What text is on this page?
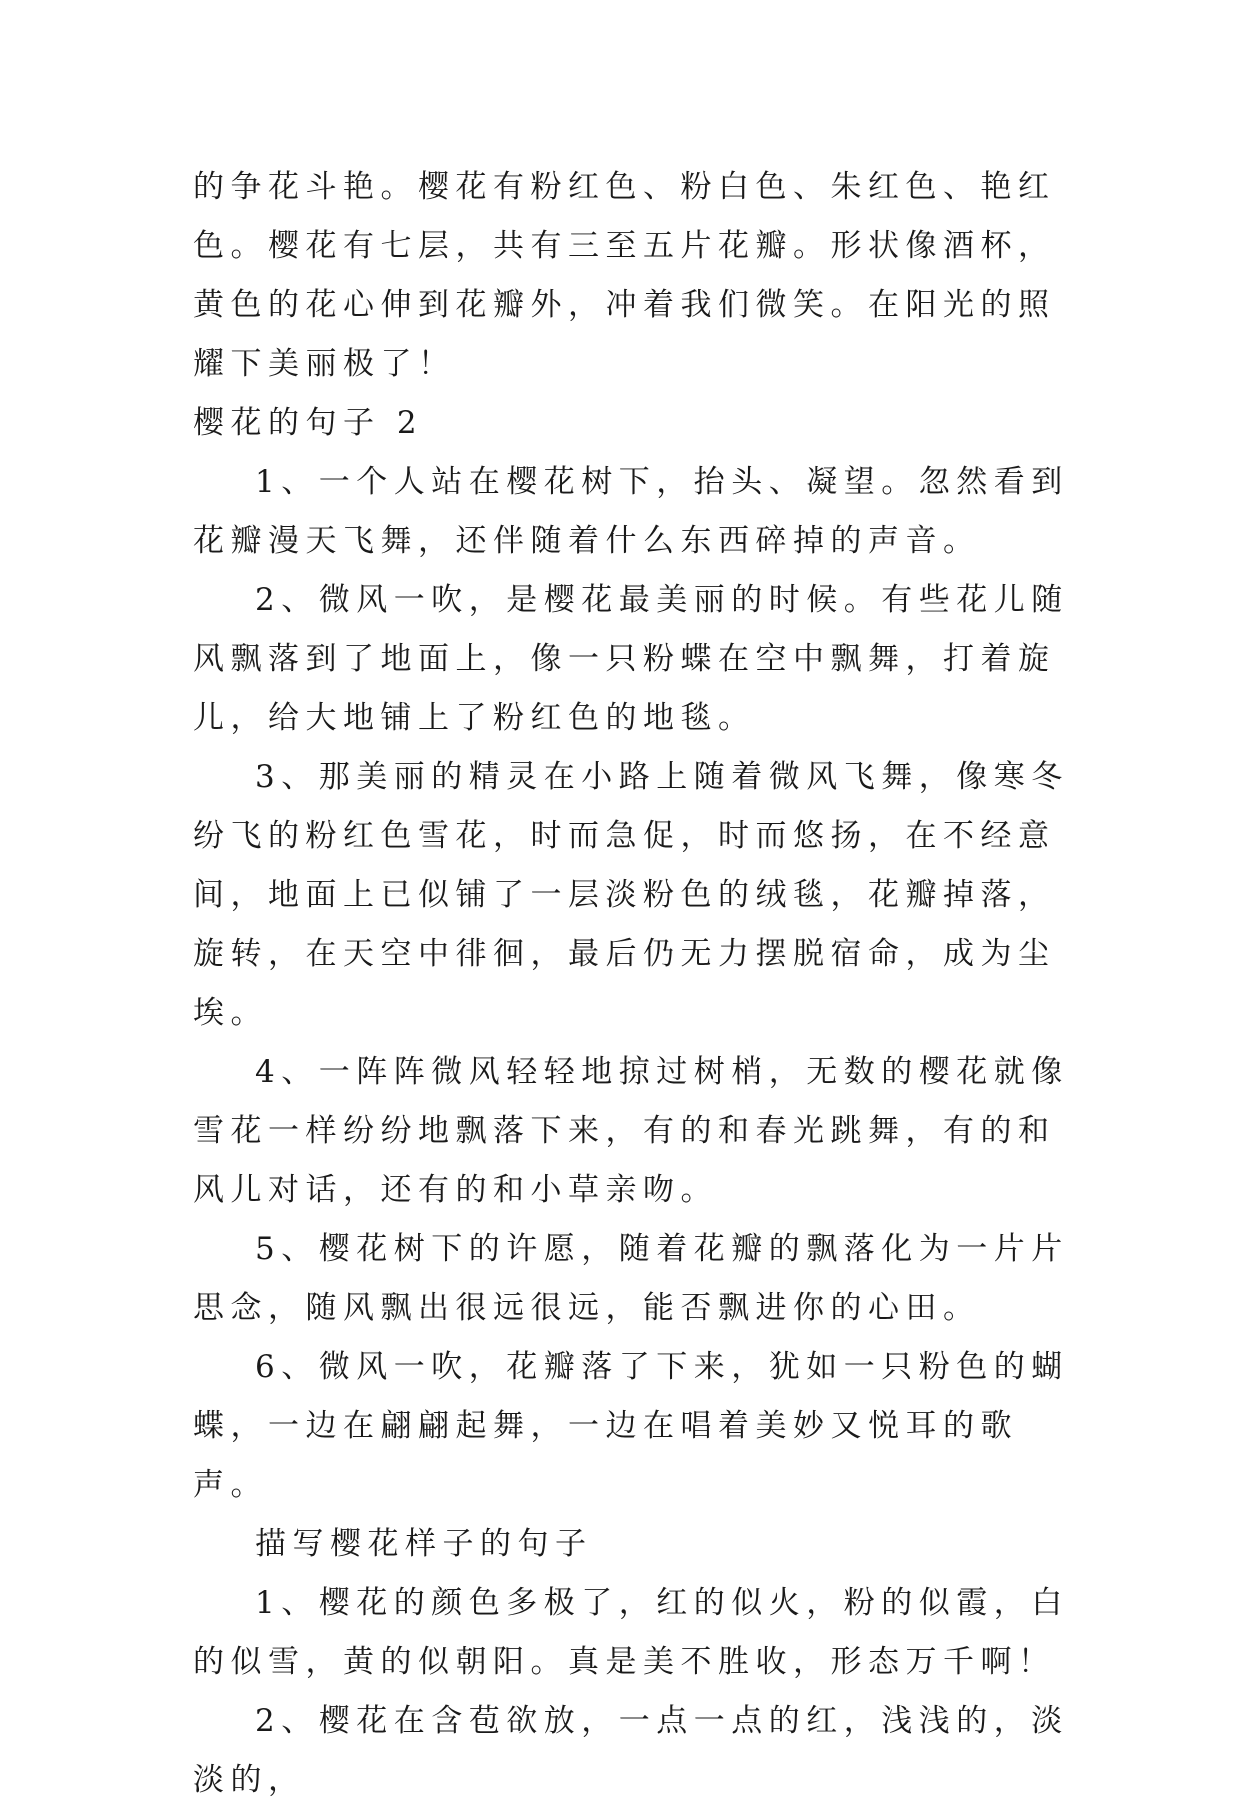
的争花斗艳。樱花有粉红色、粉白色、朱红色、艳红色。樱花有七层，共有三至五片花瓣。形状像酒杯，黄色的花心伸到花瓣外，冲着我们微笑。在阳光的照耀下美丽极了！

樱花的句子 2

1、一个人站在樱花树下，抬头、凝望。忽然看到花瓣漫天飞舞，还伴随着什么东西碎掉的声音。

2、微风一吹，是樱花最美丽的时候。有些花儿随风飘落到了地面上，像一只粉蝶在空中飘舞，打着旋儿，给大地铺上了粉红色的地毯。

3、那美丽的精灵在小路上随着微风飞舞，像寒冬纷飞的粉红色雪花，时而急促，时而悠扬，在不经意间，地面上已似铺了一层淡粉色的绒毯，花瓣掉落，旋转，在天空中徘徊，最后仍无力摆脱宿命，成为尘埃。

4、一阵阵微风轻轻地掠过树梢，无数的樱花就像雪花一样纷纷地飘落下来，有的和春光跳舞，有的和风儿对话，还有的和小草亲吻。

5、樱花树下的许愿，随着花瓣的飘落化为一片片思念，随风飘出很远很远，能否飘进你的心田。

6、微风一吹，花瓣落了下来，犹如一只粉色的蝴蝶，一边在翩翩起舞，一边在唱着美妙又悦耳的歌声。

描写樱花样子的句子

1、樱花的颜色多极了，红的似火，粉的似霞，白的似雪，黄的似朝阳。真是美不胜收，形态万千啊！

2、樱花在含苞欲放，一点一点的红，浅浅的，淡淡的，
